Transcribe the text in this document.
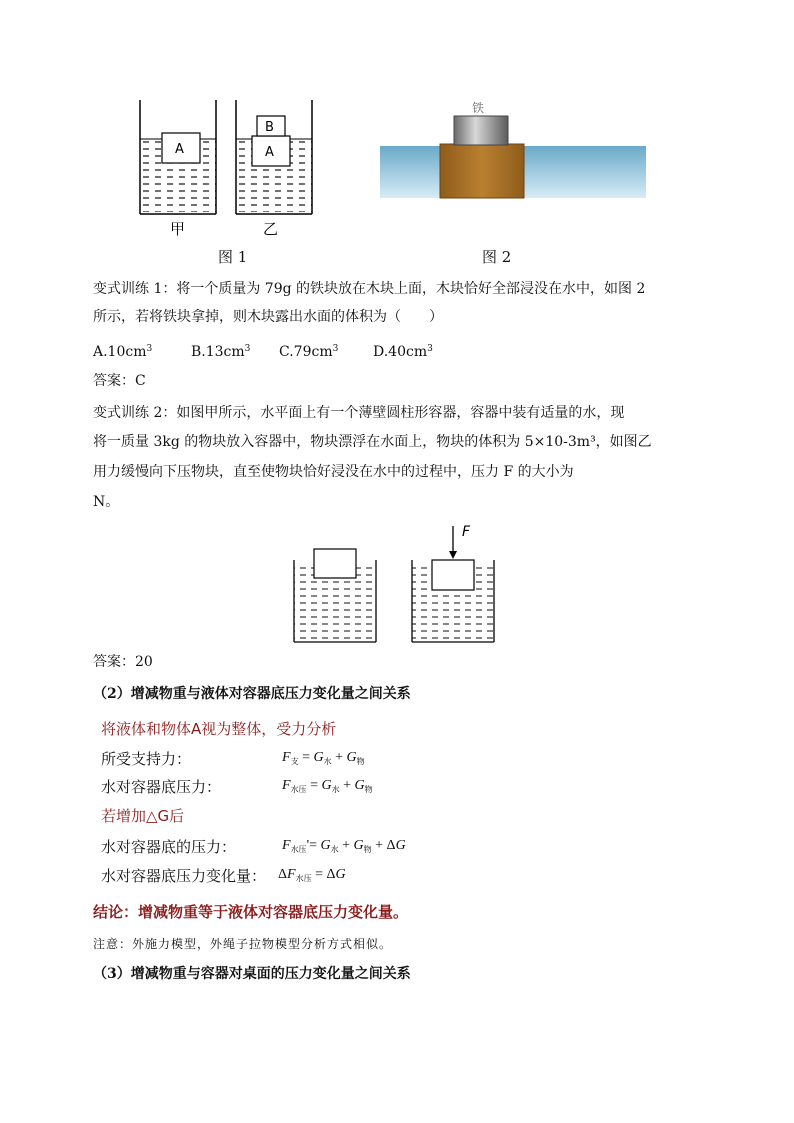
A	A
B
甲	乙
铁
图 1	图 2
变式训练 1：将一个质量为 79g 的铁块放在木块上面，木块恰好全部浸没在水中，如图 2
所示，若将铁块拿掉，则木块露出水面的体积为（　　）
$A.10cm^3$	$B.13cm^3$ $C.79cm^3$ $D.40cm^3$
答案：C
变式训练 2：如图甲所示，水平面上有一个薄壁圆柱形容器，容器中装有适量的水，现
将一质量 3kg 的物块放入容器中，物块漂浮在水面上，物块的体积为 5×10-3m³，如图乙
用力缓慢向下压物块，直至使物块恰好浸没在水中的过程中，压力 F 的大小为
N。
F
答案：20
（2）增减物重与液体对容器底压力变化量之间关系
将液体和物体A视为整体，受力分析
所受支持力：	$F_支 = G_水 + G_物$
水对容器底压力：	$F_{水压} = G_水 + G_物$
若增加△G后
水对容器底的压力：	$F_{水压}'= G_水 + G_物 + \Delta G$
水对容器底压力变化量： $\Delta F_{水压} = \Delta G$
结论：增减物重等于液体对容器底压力变化量。
注意：外施力模型，外绳子拉物模型分析方式相似。
（3）增减物重与容器对桌面的压力变化量之间关系
